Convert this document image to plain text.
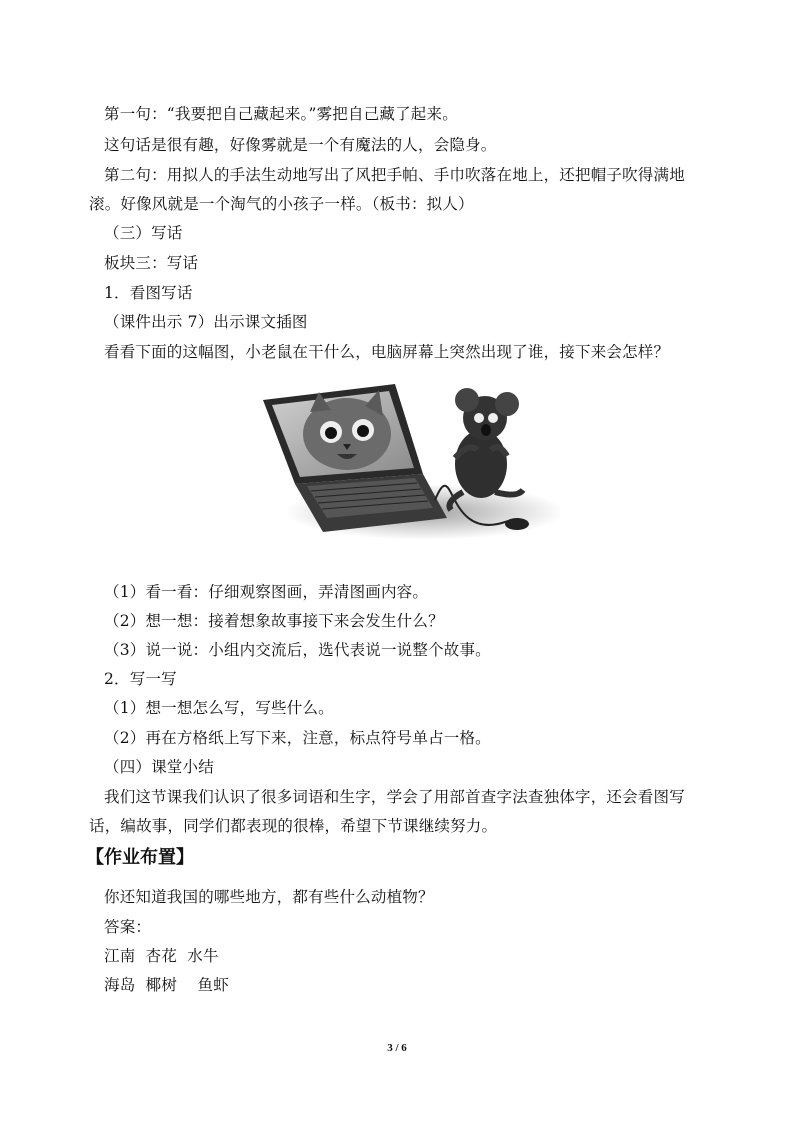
第一句：“我要把自己藏起来。”雾把自己藏了起来。
这句话是很有趣，好像雾就是一个有魔法的人，会隐身。
第二句：用拟人的手法生动地写出了风把手帕、手巾吹落在地上，还把帽子吹得满地
滚。好像风就是一个淘气的小孩子一样。（板书：拟人）
（三）写话
板块三：写话
1．看图写话
（课件出示 7）出示课文插图
看看下面的这幅图，小老鼠在干什么，电脑屏幕上突然出现了谁，接下来会怎样？
（1）看一看：仔细观察图画，弄清图画内容。
（2）想一想：接着想象故事接下来会发生什么？
（3）说一说：小组内交流后，选代表说一说整个故事。
2．写一写
（1）想一想怎么写，写些什么。
（2）再在方格纸上写下来，注意，标点符号单占一格。
（四）课堂小结
我们这节课我们认识了很多词语和生字，学会了用部首查字法查独体字，还会看图写
话，编故事，同学们都表现的很棒，希望下节课继续努力。
【作业布置】
你还知道我国的哪些地方，都有些什么动植物？
答案：
江南  杏花  水牛
海岛  椰树    鱼虾
3 / 6
